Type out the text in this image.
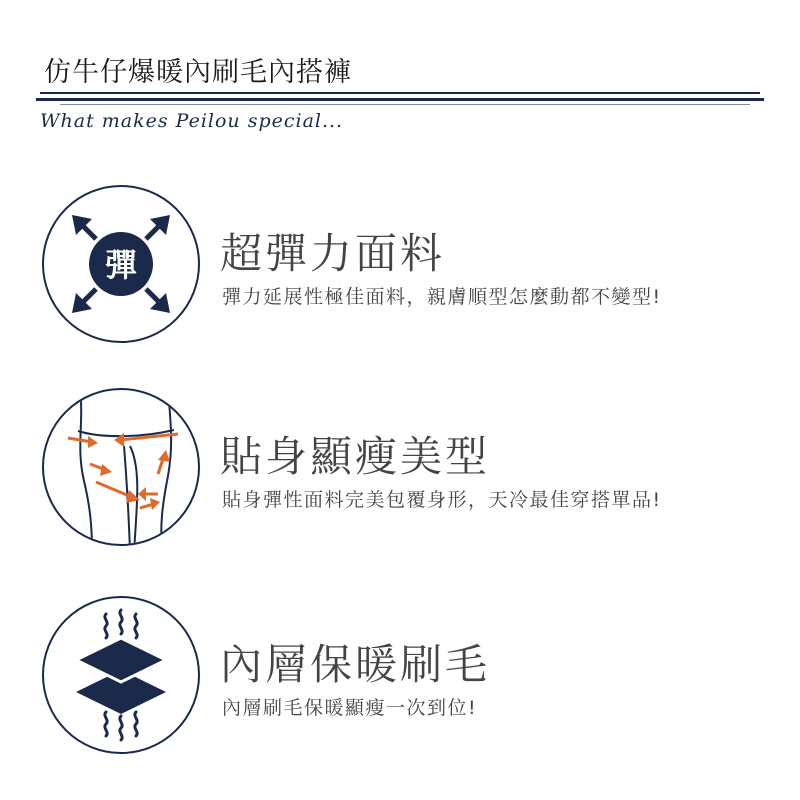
仿牛仔爆暖內刷毛內搭褲
What makes Peilou special...
彈 超彈力面料
彈力延展性極佳面料，親膚順型怎麼動都不變型!
貼身顯瘦美型
貼身彈性面料完美包覆身形，天冷最佳穿搭單品!
內層保暖刷毛
內層刷毛保暖顯瘦一次到位!
